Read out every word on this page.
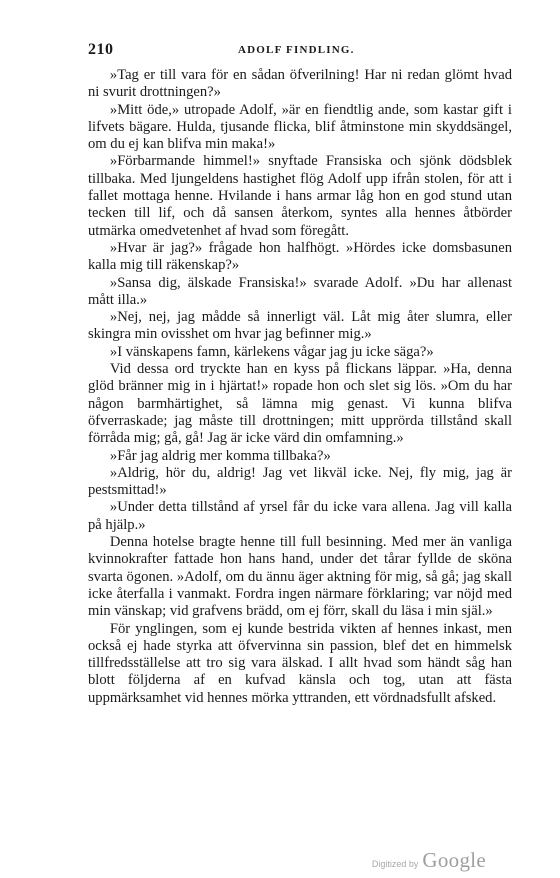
210	ADOLF FINDLING.

»Tag er till vara för en sådan öfverilning! Har ni redan glömt hvad ni svurit drottningen?»

»Mitt öde,» utropade Adolf, »är en fiendtlig ande, som kastar gift i lifvets bägare. Hulda, tjusande flicka, blif åtminstone min skyddsängel, om du ej kan blifva min maka!»

»Förbarmande himmel!» snyftade Fransiska och sjönk dödsblek tillbaka. Med ljungeldens hastighet flög Adolf upp ifrån stolen, för att i fallet mottaga henne. Hvilande i hans armar låg hon en god stund utan tecken till lif, och då sansen återkom, syntes alla hennes åtbörder utmärka omedvetenhet af hvad som föregått.

»Hvar är jag?» frågade hon halfhögt. »Hördes icke domsbasunen kalla mig till räkenskap?»

»Sansa dig, älskade Fransiska!» svarade Adolf. »Du har allenast mått illa.»

»Nej, nej, jag mådde så innerligt väl. Låt mig åter slumra, eller skingra min ovisshet om hvar jag befinner mig.»

»I vänskapens famn, kärlekens vågar jag ju icke säga?»

Vid dessa ord tryckte han en kyss på flickans läppar. »Ha, denna glöd bränner mig in i hjärtat!» ropade hon och slet sig lös. »Om du har någon barmhärtighet, så lämna mig genast. Vi kunna blifva öfverraskade; jag måste till drottningen; mitt upprörda tillstånd skall förråda mig; gå, gå! Jag är icke värd din omfamning.»

»Får jag aldrig mer komma tillbaka?»

»Aldrig, hör du, aldrig! Jag vet likväl icke. Nej, fly mig, jag är pestsmittad!»

»Under detta tillstånd af yrsel får du icke vara allena. Jag vill kalla på hjälp.»

Denna hotelse bragte henne till full besinning. Med mer än vanliga kvinnokrafter fattade hon hans hand, under det tårar fyllde de sköna svarta ögonen. »Adolf, om du ännu äger aktning för mig, så gå; jag skall icke återfalla i vanmakt. Fordra ingen närmare förklaring; var nöjd med min vänskap; vid grafvens brädd, om ej förr, skall du läsa i min själ.»

För ynglingen, som ej kunde bestrida vikten af hennes inkast, men också ej hade styrka att öfvervinna sin passion, blef det en himmelsk tillfredsställelse att tro sig vara älskad. I allt hvad som händt såg han blott följderna af en kufvad känsla och tog, utan att fästa uppmärksamhet vid hennes mörka yttranden, ett vördnadsfullt afsked.

Digitized by Google
